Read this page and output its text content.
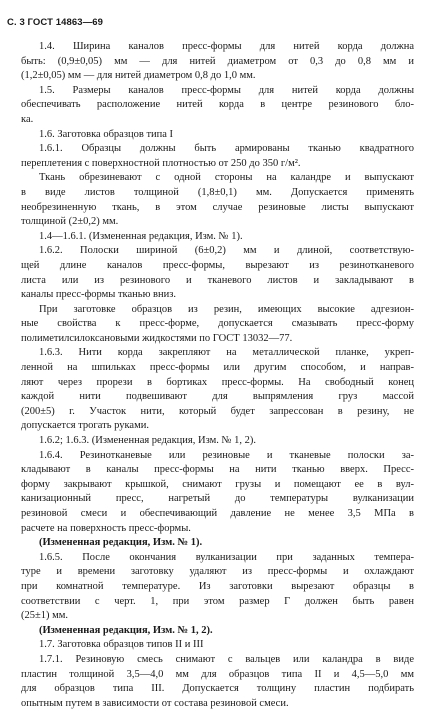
С. 3 ГОСТ 14863—69
1.4. Ширина каналов пресс-формы для нитей корда должна
быть: (0,9±0,05) мм — для нитей диаметром от 0,3 до 0,8 мм и
(1,2±0,05) мм — для нитей диаметром 0,8 до 1,0 мм.
1.5. Размеры каналов пресс-формы для нитей корда должны
обеспечивать расположение нитей корда в центре резинового бло-
ка.
1.6. Заготовка образцов типа I
1.6.1. Образцы должны быть армированы тканью квадратного
переплетения с поверхностной плотностью от 250 до 350 г/м².
Ткань обрезиневают с одной стороны на каландре и выпускают
в виде листов толщиной (1,8±0,1) мм. Допускается применять
необрезиненную ткань, в этом случае резиновые листы выпускают
толщиной (2±0,2) мм.
1.4—1.6.1. (Измененная редакция, Изм. № 1).
1.6.2. Полоски шириной (6±0,2) мм и длиной, соответствую-
щей длине каналов пресс-формы, вырезают из резинотканевого
листа или из резинового и тканевого листов и закладывают в
каналы пресс-формы тканью вниз.
При заготовке образцов из резин, имеющих высокие адгезион-
ные свойства к пресс-форме, допускается смазывать пресс-форму
полиметилсилоксановыми жидкостями по ГОСТ 13032—77.
1.6.3. Нити корда закрепляют на металлической планке, укреп-
ленной на шпильках пресс-формы или другим способом, и направ-
ляют через прорези в бортиках пресс-формы. На свободный конец
каждой нити подвешивают для выпрямления груз массой
(200±5) г. Участок нити, который будет запрессован в резину, не
допускается трогать руками.
1.6.2; 1.6.3. (Измененная редакция, Изм. № 1, 2).
1.6.4. Резинотканевые или резиновые и тканевые полоски за-
кладывают в каналы пресс-формы на нити тканью вверх. Пресс-
форму закрывают крышкой, снимают грузы и помещают ее в вул-
канизационный пресс, нагретый до температуры вулканизации
резиновой смеси и обеспечивающий давление не менее 3,5 МПа в
расчете на поверхность пресс-формы.
(Измененная редакция, Изм. № 1).
1.6.5. После окончания вулканизации при заданных темпера-
туре и времени заготовку удаляют из пресс-формы и охлаждают
при комнатной температуре. Из заготовки вырезают образцы в
соответствии с черт. 1, при этом размер Г должен быть равен
(25±1) мм.
(Измененная редакция, Изм. № 1, 2).
1.7. Заготовка образцов типов II и III
1.7.1. Резиновую смесь снимают с вальцев или каландра в виде
пластин толщиной 3,5—4,0 мм для образцов типа II и 4,5—5,0 мм
для образцов типа III. Допускается толщину пластин подбирать
опытным путем в зависимости от состава резиновой смеси.
